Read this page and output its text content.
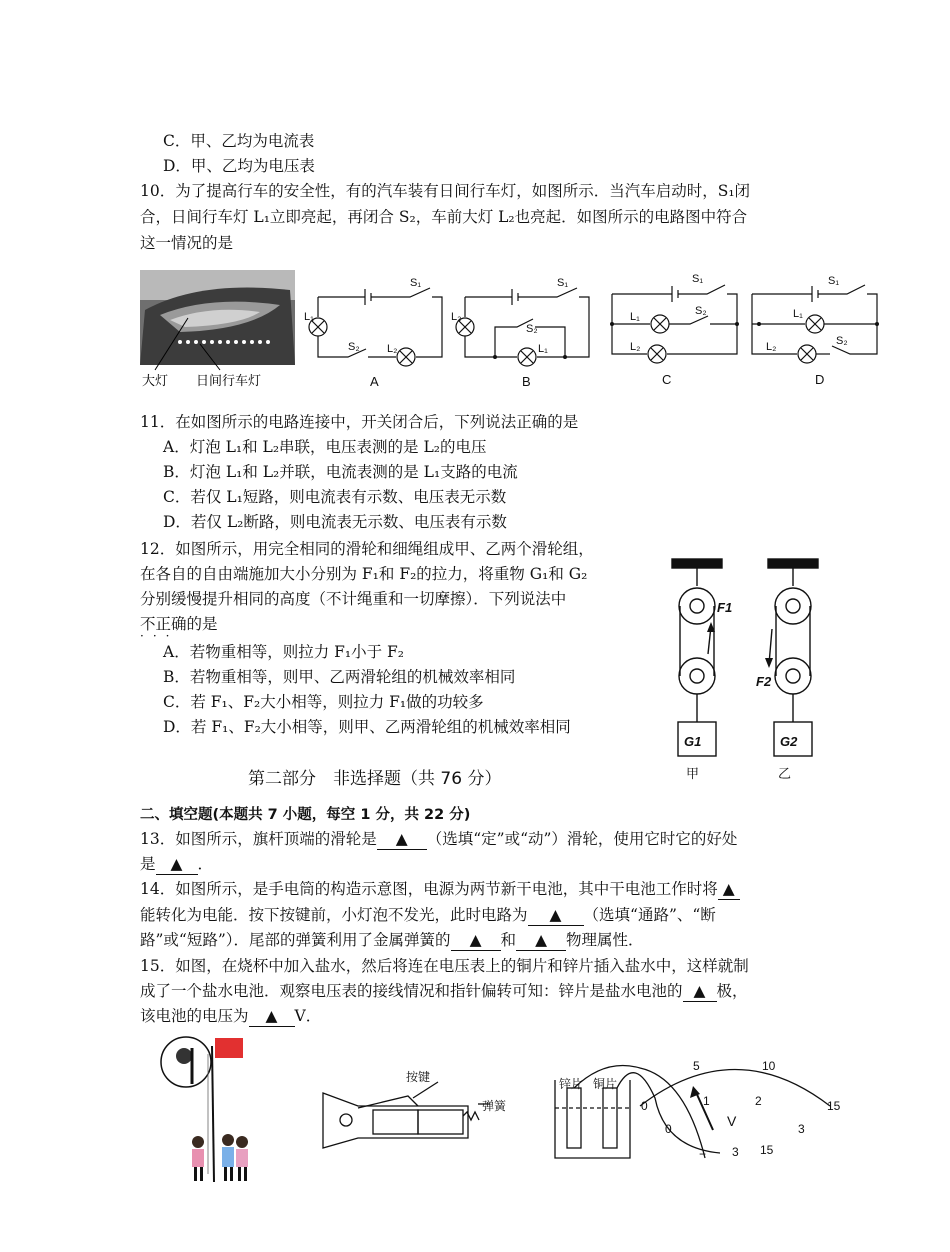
C．甲、乙均为电流表
D．甲、乙均为电压表
10．为了提高行车的安全性，有的汽车装有日间行车灯，如图所示．当汽车启动时，S₁闭
合，日间行车灯 L₁立即亮起，再闭合 S₂，车前大灯 L₂也亮起．如图所示的电路图中符合
这一情况的是
大灯 日间行车灯
S₁
S₂
L₁
L₂
S₁
S₂
L₂
L₁
S₁
S₂
L₁
L₂
S₁
S₂
L₁
L₂
A	B	C	D
11．在如图所示的电路连接中，开关闭合后，下列说法正确的是
A．灯泡 L₁和 L₂串联，电压表测的是 L₂的电压
B．灯泡 L₁和 L₂并联，电流表测的是 L₁支路的电流
C．若仅 L₁短路，则电流表有示数、电压表无示数
D．若仅 L₂断路，则电流表无示数、电压表有示数
12．如图所示，用完全相同的滑轮和细绳组成甲、乙两个滑轮组，
在各自的自由端施加大小分别为 F₁和 F₂的拉力，将重物 G₁和 G₂
分别缓慢提升相同的高度（不计绳重和一切摩擦）．下列说法中
不正确的是
···
A．若物重相等，则拉力 F₁小于 F₂
B．若物重相等，则甲、乙两滑轮组的机械效率相同
C．若 F₁、F₂大小相等，则拉力 F₁做的功较多
D．若 F₁、F₂大小相等，则甲、乙两滑轮组的机械效率相同
F1
F2
G1	G2
甲	乙
第二部分　非选择题（共 76 分）
二、填空题(本题共 7 小题，每空 1 分，共 22 分)
13．如图所示，旗杆顶端的滑轮是 ▲ （选填“定”或“动”）滑轮，使用它时它的好处
是 ▲ ．
14．如图所示，是手电筒的构造示意图，电源为两节新干电池，其中干电池工作时将 ▲
能转化为电能．按下按键前，小灯泡不发光，此时电路为 ▲ （选填“通路”、“断
路”或“短路”）．尾部的弹簧利用了金属弹簧的 ▲ 和 ▲ 物理属性．
15．如图，在烧杯中加入盐水，然后将连在电压表上的铜片和锌片插入盐水中，这样就制
成了一个盐水电池．观察电压表的接线情况和指针偏转可知：锌片是盐水电池的 ▲ 极，
该电池的电压为 ▲ V．
按键
弹簧
锌片 铜片
V
0
5	10
15
0
1	2
3
− 3 15
